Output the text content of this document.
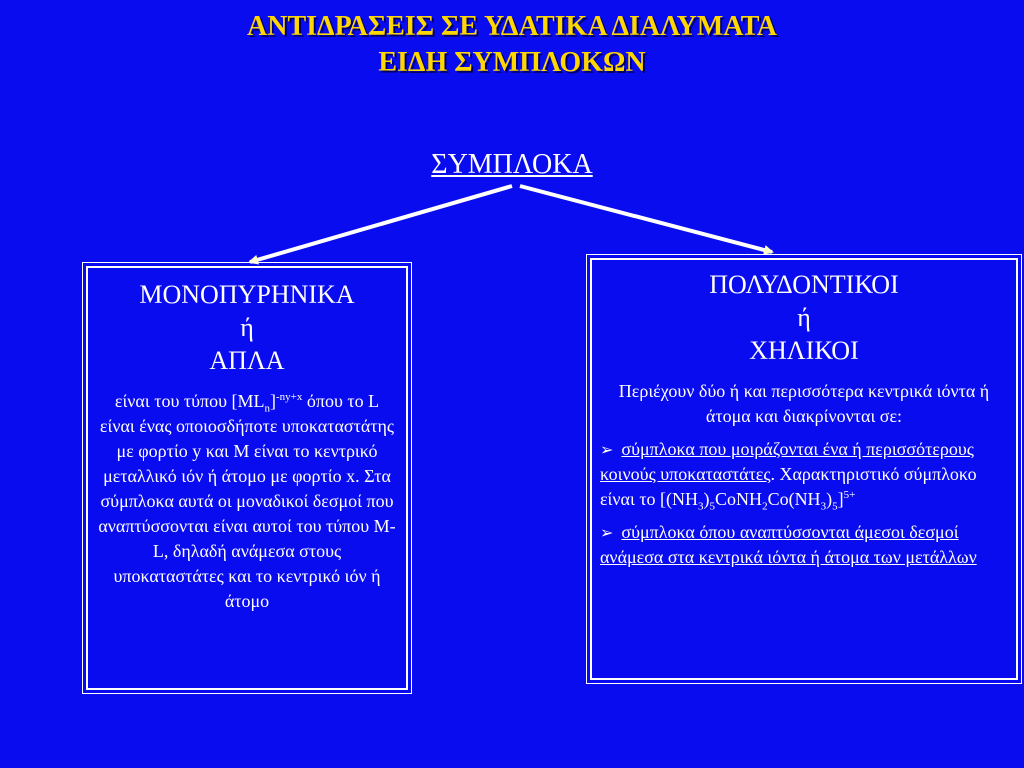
ΑΝΤΙΔΡΑΣΕΙΣ ΣΕ ΥΔΑΤΙΚΑ ΔΙΑΛΥΜΑΤΑ
ΕΙΔΗ ΣΥΜΠΛΟΚΩΝ
ΣΥΜΠΛΟΚΑ
ΜΟΝΟΠΥΡΗΝΙΚΑ
ή
ΑΠΛΑ
είναι του τύπου $[ML_n]^{-ny+x}$ όπου το L είναι ένας οποιοσδήποτε υποκαταστάτης με φορτίο y και Μ είναι το κεντρικό μεταλλικό ιόν ή άτομο με φορτίο x. Στα σύμπλοκα αυτά οι μοναδικοί δεσμοί που αναπτύσσονται είναι αυτοί του τύπου M-L, δηλαδή ανάμεσα στους υποκαταστάτες και το κεντρικό ιόν ή άτομο
ΠΟΛΥΔΟΝΤΙΚΟΙ
ή
ΧΗΛΙΚΟΙ
Περιέχουν δύο ή και περισσότερα κεντρικά ιόντα ή άτομα και διακρίνονται σε:
➢ σύμπλοκα που μοιράζονται ένα ή περισσότερους κοινούς υποκαταστάτες. Χαρακτηριστικό σύμπλοκο είναι το $[(NH_3)_5CoNH_2Co(NH_3)_5]^{5+}$
➢ σύμπλοκα όπου αναπτύσσονται άμεσοι δεσμοί ανάμεσα στα κεντρικά ιόντα ή άτομα των μετάλλων
